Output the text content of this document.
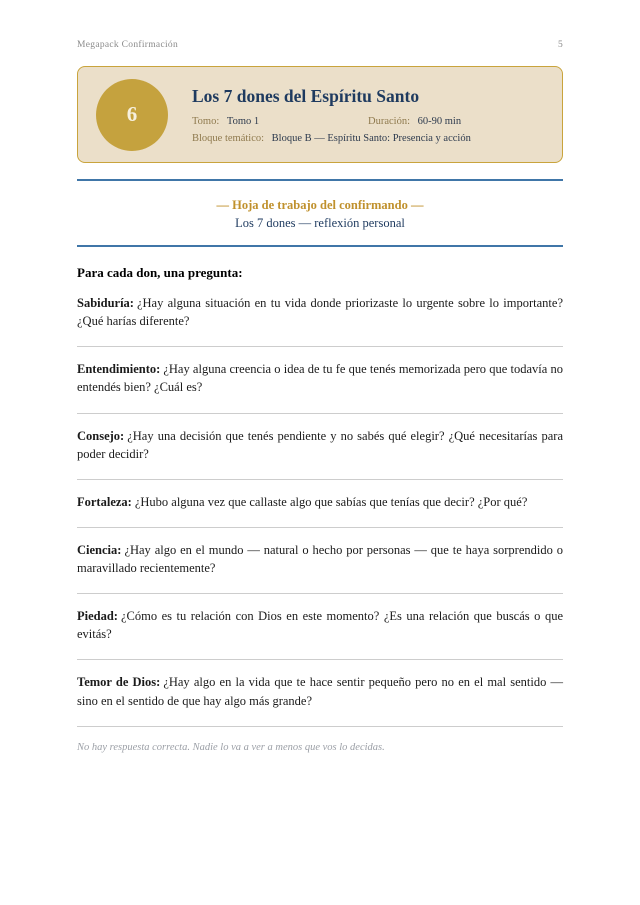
Megapack Confirmación	5
6
Los 7 dones del Espíritu Santo
Tomo: Tomo 1	Duración: 60-90 min
Bloque temático: Bloque B — Espíritu Santo: Presencia y acción
— Hoja de trabajo del confirmando —
Los 7 dones — reflexión personal
Para cada don, una pregunta:

Sabiduría: ¿Hay alguna situación en tu vida donde priorizaste lo urgente sobre lo importante? ¿Qué harías diferente?

Entendimiento: ¿Hay alguna creencia o idea de tu fe que tenés memorizada pero que todavía no entendés bien? ¿Cuál es?

Consejo: ¿Hay una decisión que tenés pendiente y no sabés qué elegir? ¿Qué necesitarías para poder decidir?

Fortaleza: ¿Hubo alguna vez que callaste algo que sabías que tenías que decir? ¿Por qué?

Ciencia: ¿Hay algo en el mundo — natural o hecho por personas — que te haya sorprendido o maravillado recientemente?

Piedad: ¿Cómo es tu relación con Dios en este momento? ¿Es una relación que buscás o que evitás?

Temor de Dios: ¿Hay algo en la vida que te hace sentir pequeño pero no en el mal sentido — sino en el sentido de que hay algo más grande?

No hay respuesta correcta. Nadie lo va a ver a menos que vos lo decidas.
